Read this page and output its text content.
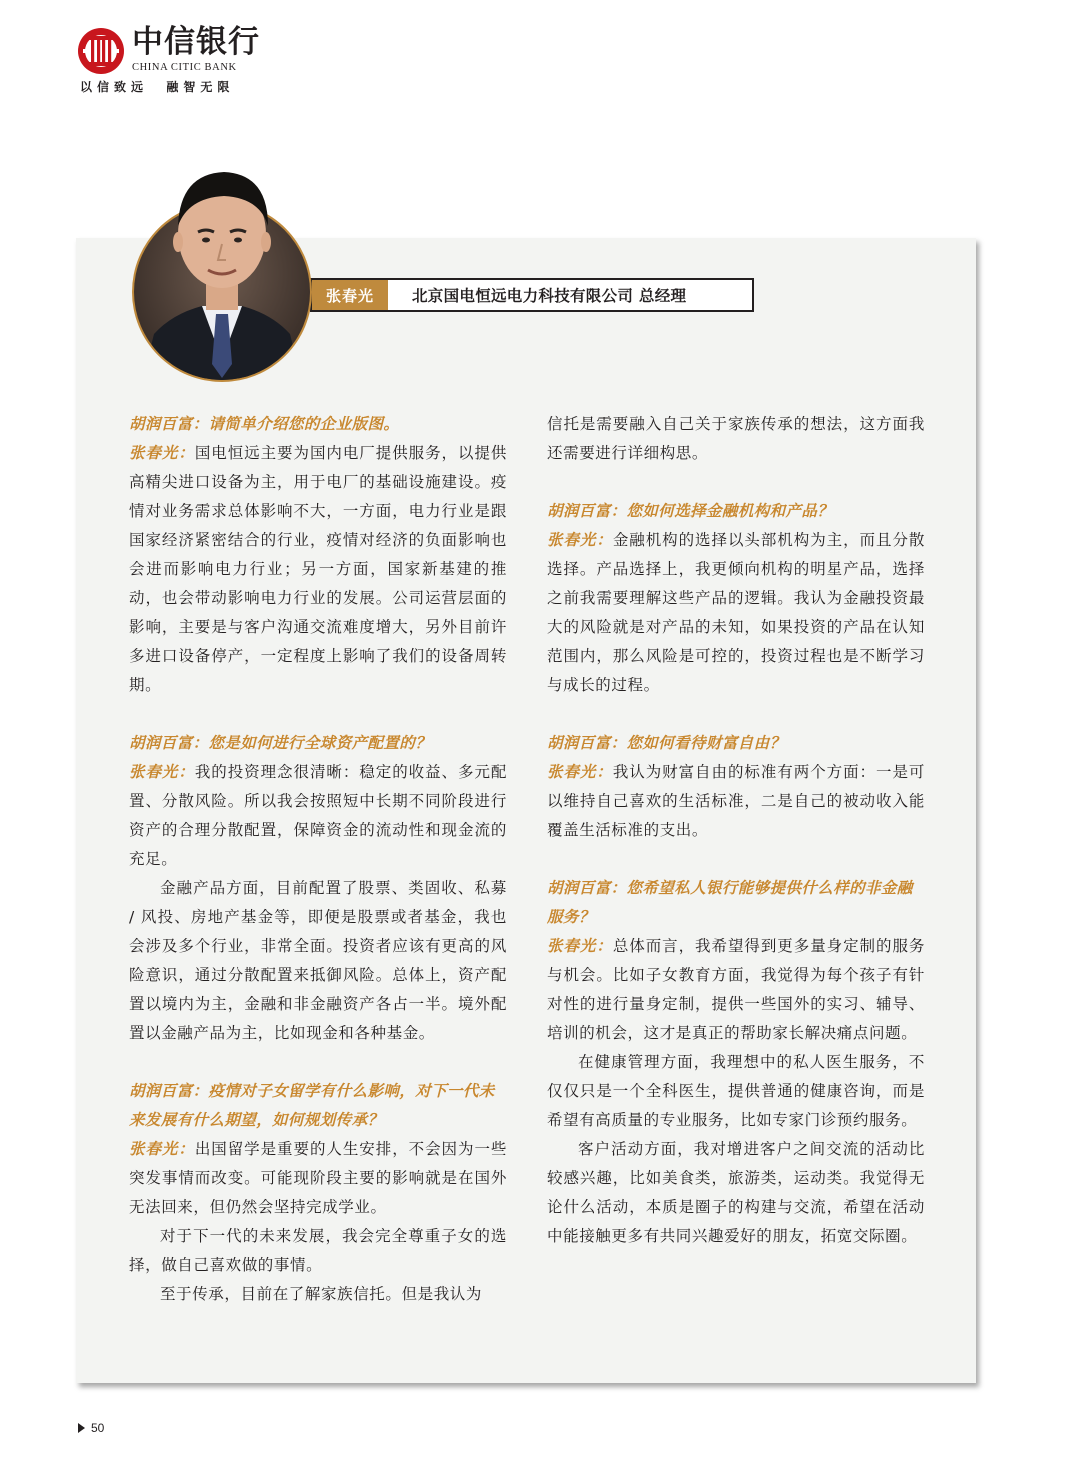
中信银行
CHINA CITIC BANK
以信致远  融智无限
张春光	北京国电恒远电力科技有限公司 总经理
胡润百富：请简单介绍您的企业版图。
张春光：国电恒远主要为国内电厂提供服务，以提供高精尖进口设备为主，用于电厂的基础设施建设。疫情对业务需求总体影响不大，一方面，电力行业是跟国家经济紧密结合的行业，疫情对经济的负面影响也会进而影响电力行业；另一方面，国家新基建的推动，也会带动影响电力行业的发展。公司运营层面的影响，主要是与客户沟通交流难度增大，另外目前许多进口设备停产，一定程度上影响了我们的设备周转期。
胡润百富：您是如何进行全球资产配置的？
张春光：我的投资理念很清晰：稳定的收益、多元配置、分散风险。所以我会按照短中长期不同阶段进行资产的合理分散配置，保障资金的流动性和现金流的充足。
金融产品方面，目前配置了股票、类固收、私募 / 风投、房地产基金等，即便是股票或者基金，我也会涉及多个行业，非常全面。投资者应该有更高的风险意识，通过分散配置来抵御风险。总体上，资产配置以境内为主，金融和非金融资产各占一半。境外配置以金融产品为主，比如现金和各种基金。
胡润百富：疫情对子女留学有什么影响，对下一代未来发展有什么期望，如何规划传承？
张春光：出国留学是重要的人生安排，不会因为一些突发事情而改变。可能现阶段主要的影响就是在国外无法回来，但仍然会坚持完成学业。
对于下一代的未来发展，我会完全尊重子女的选择，做自己喜欢做的事情。
至于传承，目前在了解家族信托。但是我认为
信托是需要融入自己关于家族传承的想法，这方面我还需要进行详细构思。
胡润百富：您如何选择金融机构和产品？
张春光：金融机构的选择以头部机构为主，而且分散选择。产品选择上，我更倾向机构的明星产品，选择之前我需要理解这些产品的逻辑。我认为金融投资最大的风险就是对产品的未知，如果投资的产品在认知范围内，那么风险是可控的，投资过程也是不断学习与成长的过程。
胡润百富：您如何看待财富自由？
张春光：我认为财富自由的标准有两个方面：一是可以维持自己喜欢的生活标准，二是自己的被动收入能覆盖生活标准的支出。
胡润百富：您希望私人银行能够提供什么样的非金融服务？
张春光：总体而言，我希望得到更多量身定制的服务与机会。比如子女教育方面，我觉得为每个孩子有针对性的进行量身定制，提供一些国外的实习、辅导、培训的机会，这才是真正的帮助家长解决痛点问题。
在健康管理方面，我理想中的私人医生服务，不仅仅只是一个全科医生，提供普通的健康咨询，而是希望有高质量的专业服务，比如专家门诊预约服务。
客户活动方面，我对增进客户之间交流的活动比较感兴趣，比如美食类，旅游类，运动类。我觉得无论什么活动，本质是圈子的构建与交流，希望在活动中能接触更多有共同兴趣爱好的朋友，拓宽交际圈。
50
